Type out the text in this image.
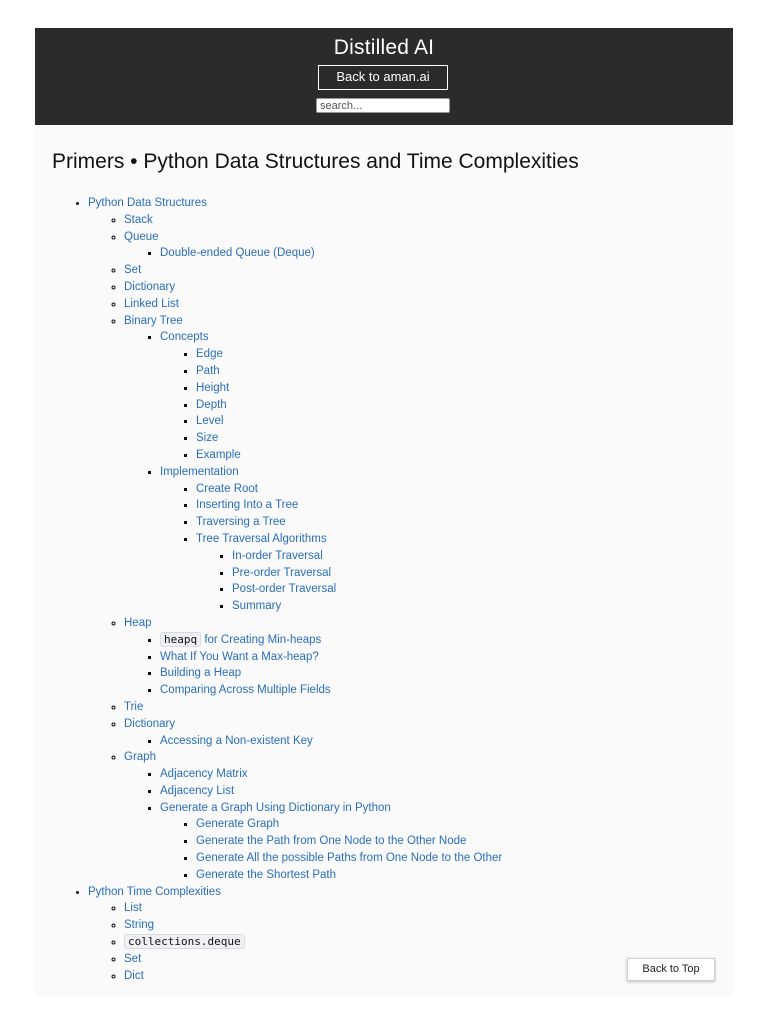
Distilled AI
Back to aman.ai
search...
Primers • Python Data Structures and Time Complexities
• Python Data Structures
◦ Stack
◦ Queue
▪ Double-ended Queue (Deque)
◦ Set
◦ Dictionary
◦ Linked List
◦ Binary Tree
▪ Concepts
▪ Edge
▪ Path
▪ Height
▪ Depth
▪ Level
▪ Size
▪ Example
▪ Implementation
▪ Create Root
▪ Inserting Into a Tree
▪ Traversing a Tree
▪ Tree Traversal Algorithms
▪ In-order Traversal
▪ Pre-order Traversal
▪ Post-order Traversal
▪ Summary
◦ Heap
▪ heapq for Creating Min-heaps
▪ What If You Want a Max-heap?
▪ Building a Heap
▪ Comparing Across Multiple Fields
◦ Trie
◦ Dictionary
▪ Accessing a Non-existent Key
◦ Graph
▪ Adjacency Matrix
▪ Adjacency List
▪ Generate a Graph Using Dictionary in Python
▪ Generate Graph
▪ Generate the Path from One Node to the Other Node
▪ Generate All the possible Paths from One Node to the Other
▪ Generate the Shortest Path
• Python Time Complexities
◦ List
◦ String
◦ collections.deque
◦ Set
◦ Dict
Back to Top
